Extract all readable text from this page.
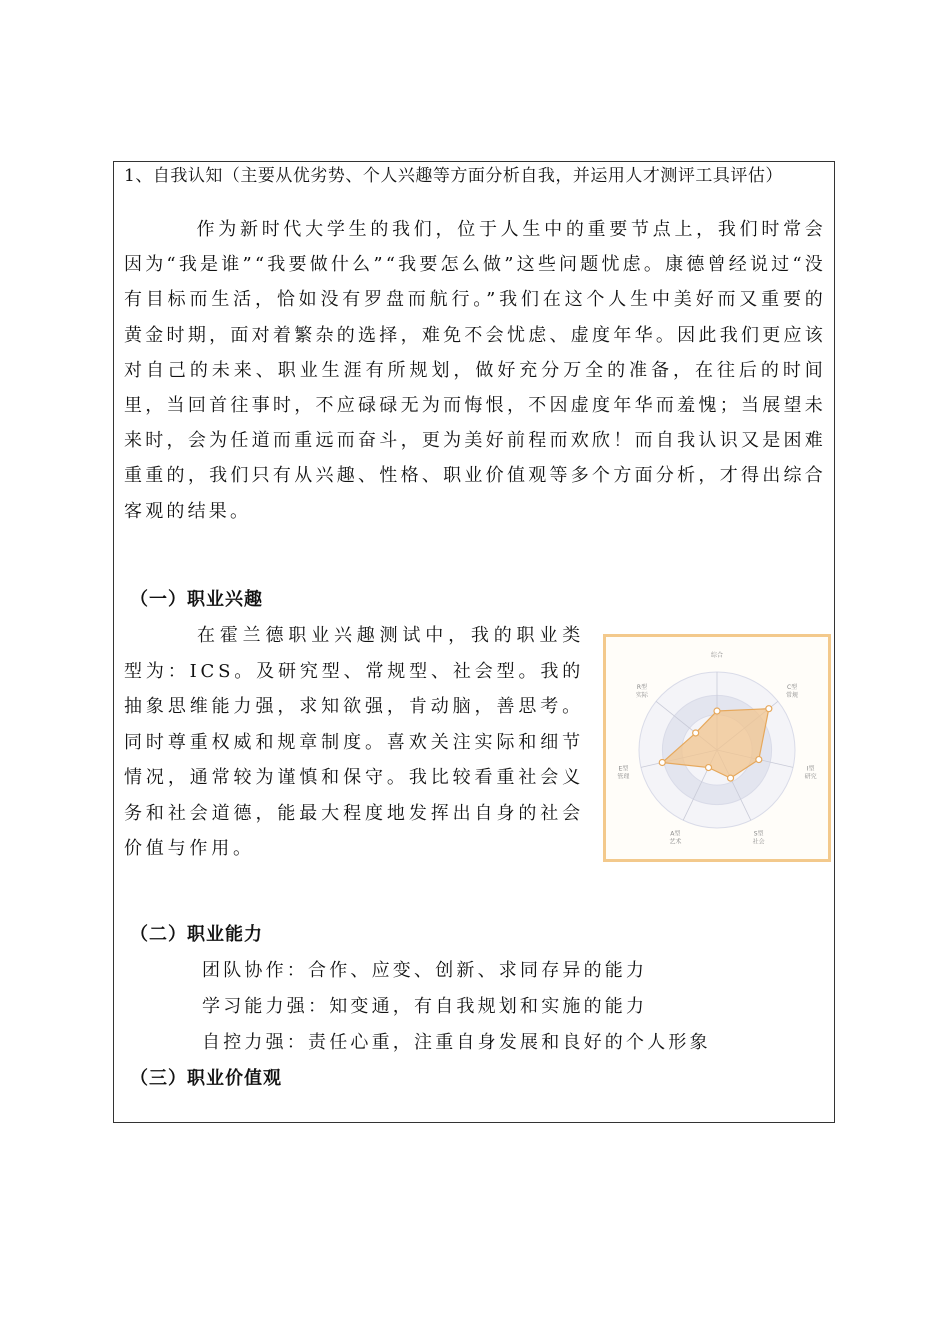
1、自我认知（主要从优劣势、个人兴趣等方面分析自我，并运用人才测评工具评估）

作为新时代大学生的我们，位于人生中的重要节点上，我们时常会因为“我是谁”“我要做什么”“我要怎么做”这些问题忧虑。康德曾经说过“没有目标而生活，恰如没有罗盘而航行。”我们在这个人生中美好而又重要的黄金时期，面对着繁杂的选择，难免不会忧虑、虚度年华。因此我们更应该对自己的未来、职业生涯有所规划，做好充分万全的准备，在往后的时间里，当回首往事时，不应碌碌无为而悔恨，不因虚度年华而羞愧；当展望未来时，会为任道而重远而奋斗，更为美好前程而欢欣！而自我认识又是困难重重的，我们只有从兴趣、性格、职业价值观等多个方面分析，才得出综合客观的结果。

（一）职业兴趣

在霍兰德职业兴趣测试中，我的职业类型为：ICS。及研究型、常规型、社会型。我的抽象思维能力强，求知欲强，肯动脑，善思考。同时尊重权威和规章制度。喜欢关注实际和细节情况，通常较为谨慎和保守。我比较看重社会义务和社会道德，能最大程度地发挥出自身的社会价值与作用。

综合
C型
常规
I型
研究
S型
社会
A型
艺术
E型
管理
R型
实际
（二）职业能力
团队协作：合作、应变、创新、求同存异的能力
学习能力强：知变通，有自我规划和实施的能力
自控力强：责任心重，注重自身发展和良好的个人形象
（三）职业价值观
